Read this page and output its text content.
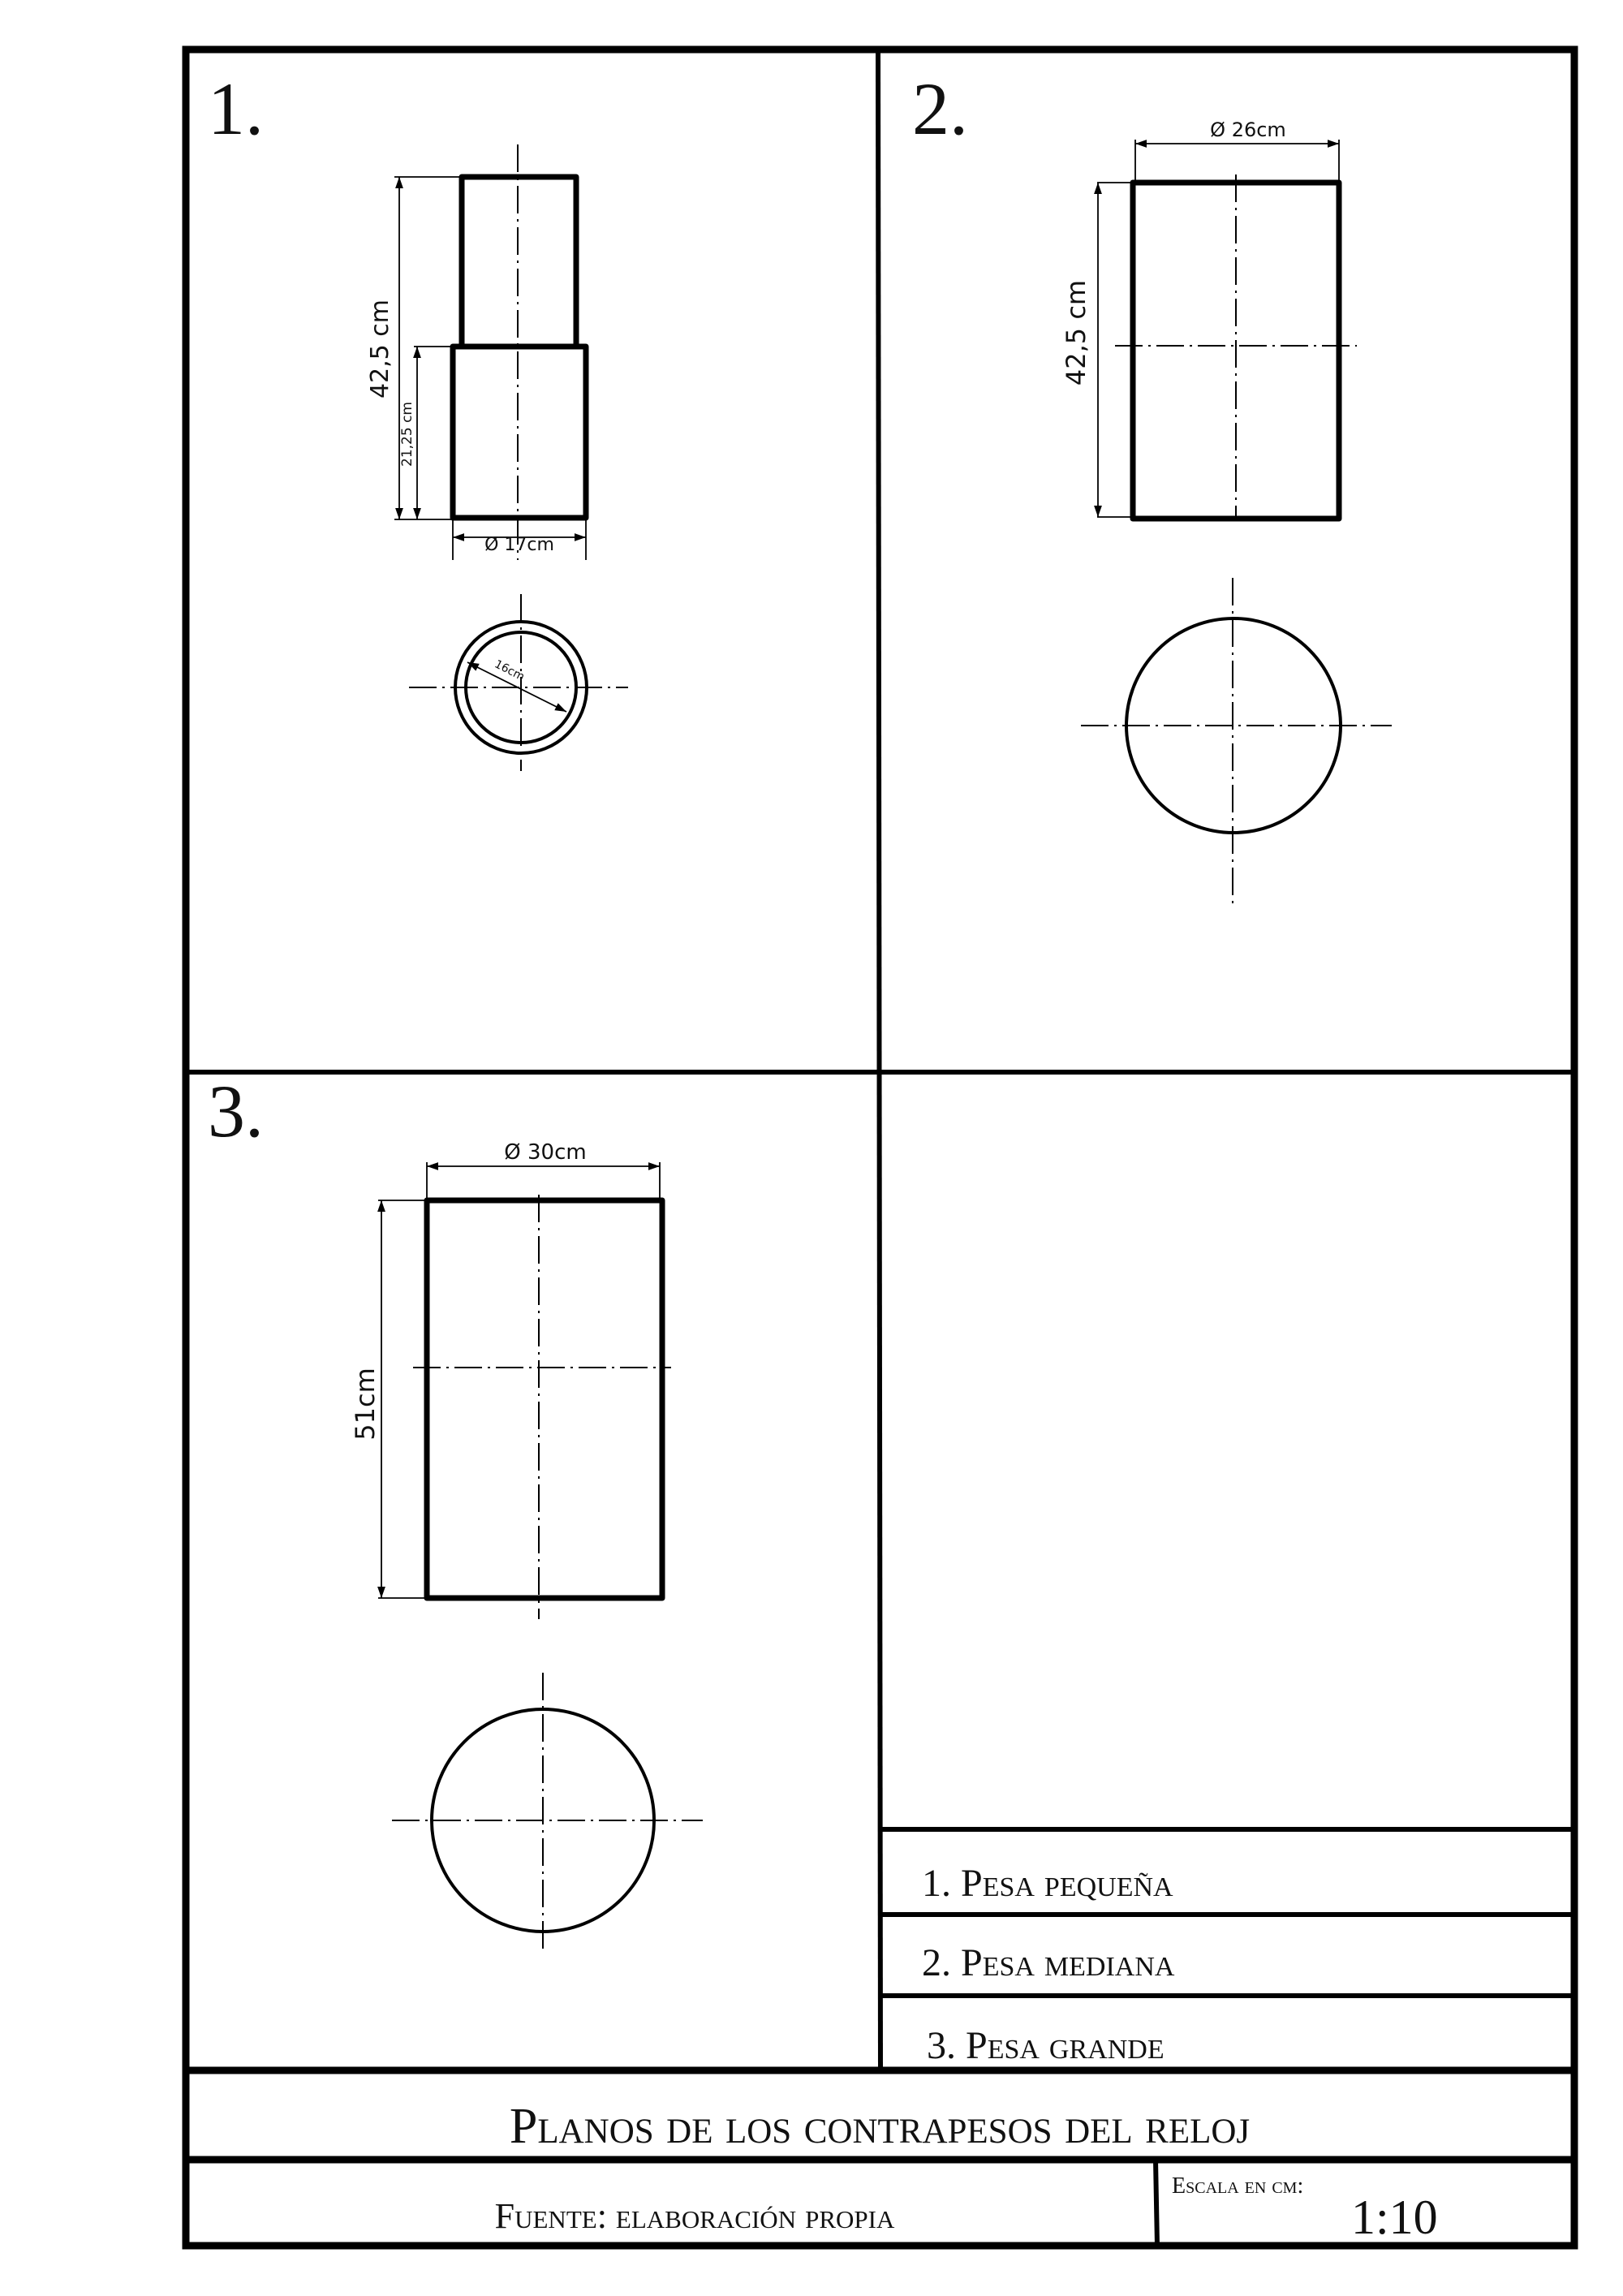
1.
42,5 cm
21,25 cm
Ø 17cm
16cm
2.	Ø 26cm
42,5 cm
3.	Ø 30cm
51cm
1. Pesa pequeña
2. Pesa mediana
3. Pesa grande
Planos de los contrapesos del reloj
Fuente: elaboración propia
Escala en cm:
1:10
